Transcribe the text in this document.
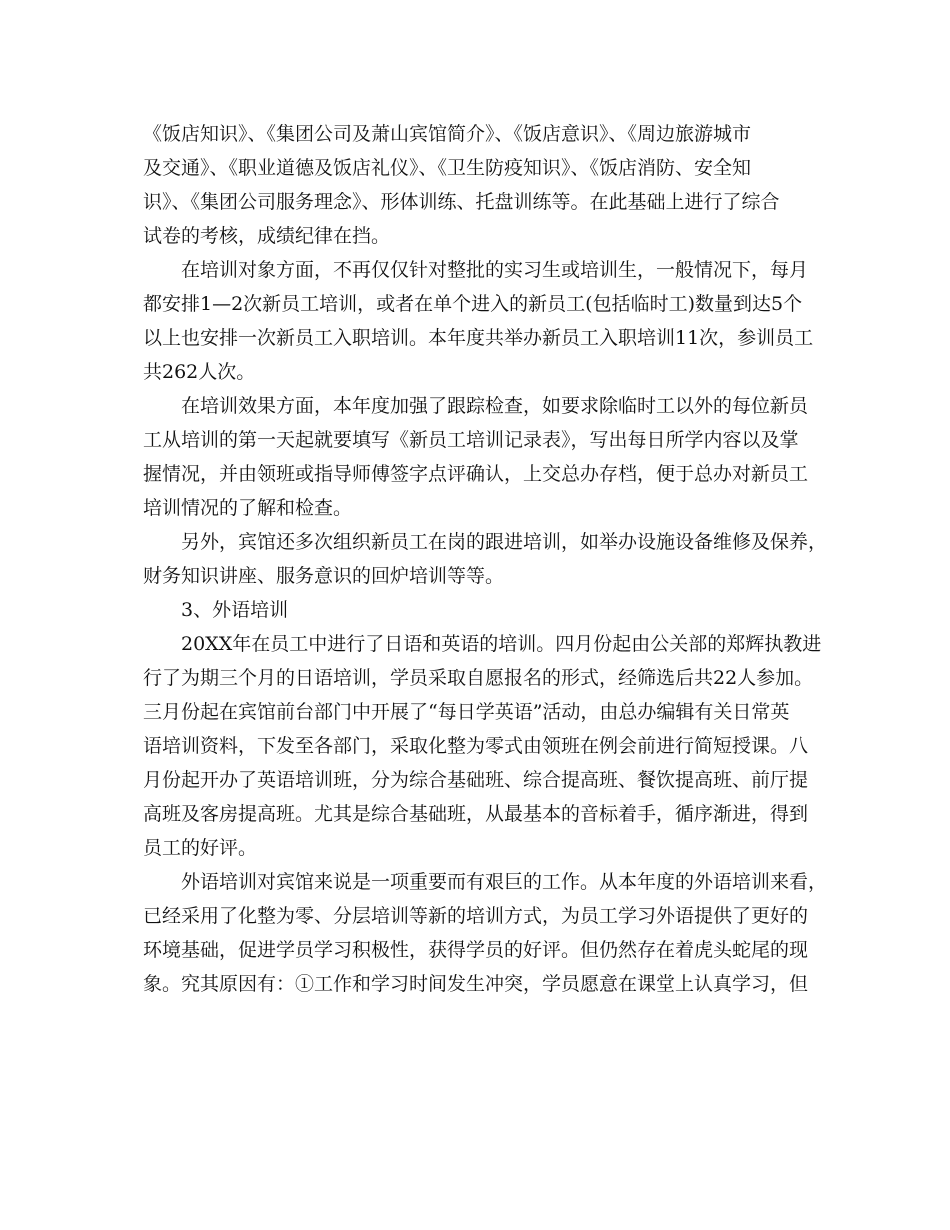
《饭店知识》、《集团公司及萧山宾馆简介》、《饭店意识》、《周边旅游城市
及交通》、《职业道德及饭店礼仪》、《卫生防疫知识》、《饭店消防、安全知
识》、《集团公司服务理念》、形体训练、托盘训练等。在此基础上进行了综合
试卷的考核，成绩纪律在挡。
在培训对象方面，不再仅仅针对整批的实习生或培训生，一般情况下，每月
都安排1—2次新员工培训，或者在单个进入的新员工(包括临时工)数量到达5个
以上也安排一次新员工入职培训。本年度共举办新员工入职培训11次，参训员工
共262人次。
在培训效果方面，本年度加强了跟踪检查，如要求除临时工以外的每位新员
工从培训的第一天起就要填写《新员工培训记录表》，写出每日所学内容以及掌
握情况，并由领班或指导师傅签字点评确认，上交总办存档，便于总办对新员工
培训情况的了解和检查。
另外，宾馆还多次组织新员工在岗的跟进培训，如举办设施设备维修及保养，
财务知识讲座、服务意识的回炉培训等等。
3、外语培训
20XX年在员工中进行了日语和英语的培训。四月份起由公关部的郑辉执教进
行了为期三个月的日语培训，学员采取自愿报名的形式，经筛选后共22人参加。
三月份起在宾馆前台部门中开展了“每日学英语”活动，由总办编辑有关日常英
语培训资料，下发至各部门，采取化整为零式由领班在例会前进行简短授课。八
月份起开办了英语培训班，分为综合基础班、综合提高班、餐饮提高班、前厅提
高班及客房提高班。尤其是综合基础班，从最基本的音标着手，循序渐进，得到
员工的好评。
外语培训对宾馆来说是一项重要而有艰巨的工作。从本年度的外语培训来看，
已经采用了化整为零、分层培训等新的培训方式，为员工学习外语提供了更好的
环境基础，促进学员学习积极性，获得学员的好评。但仍然存在着虎头蛇尾的现
象。究其原因有：①工作和学习时间发生冲突，学员愿意在课堂上认真学习，但
